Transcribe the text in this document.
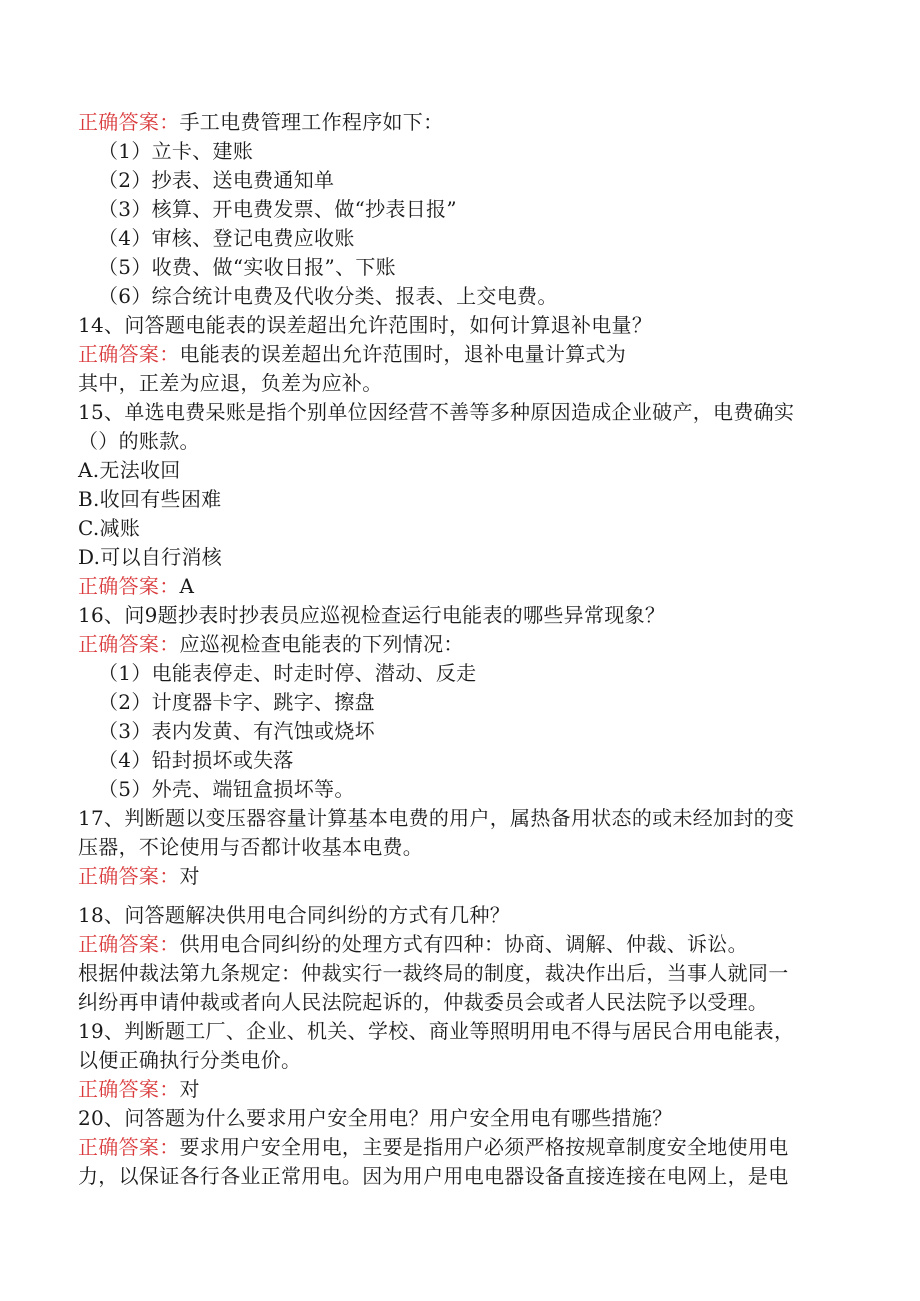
正确答案：手工电费管理工作程序如下：
（1）立卡、建账
（2）抄表、送电费通知单
（3）核算、开电费发票、做“抄表日报”
（4）审核、登记电费应收账
（5）收费、做“实收日报”、下账
（6）综合统计电费及代收分类、报表、上交电费。
14、问答题电能表的误差超出允许范围时，如何计算退补电量？
正确答案：电能表的误差超出允许范围时，退补电量计算式为
其中，正差为应退，负差为应补。
15、单选电费呆账是指个别单位因经营不善等多种原因造成企业破产，电费确实
（）的账款。
A.无法收回
B.收回有些困难
C.减账
D.可以自行消核
正确答案：A
16、问9题抄表时抄表员应巡视检查运行电能表的哪些异常现象？
正确答案：应巡视检查电能表的下列情况：
（1）电能表停走、时走时停、潜动、反走
（2）计度器卡字、跳字、擦盘
（3）表内发黄、有汽蚀或烧坏
（4）铅封损坏或失落
（5）外壳、端钮盒损坏等。
17、判断题以变压器容量计算基本电费的用户，属热备用状态的或未经加封的变
压器，不论使用与否都计收基本电费。
正确答案：对
18、问答题解决供用电合同纠纷的方式有几种？
正确答案：供用电合同纠纷的处理方式有四种：协商、调解、仲裁、诉讼。
根据仲裁法第九条规定：仲裁实行一裁终局的制度，裁决作出后，当事人就同一
纠纷再申请仲裁或者向人民法院起诉的，仲裁委员会或者人民法院予以受理。
19、判断题工厂、企业、机关、学校、商业等照明用电不得与居民合用电能表，
以便正确执行分类电价。
正确答案：对
20、问答题为什么要求用户安全用电？用户安全用电有哪些措施？
正确答案：要求用户安全用电，主要是指用户必须严格按规章制度安全地使用电
力，以保证各行各业正常用电。因为用户用电电器设备直接连接在电网上，是电
